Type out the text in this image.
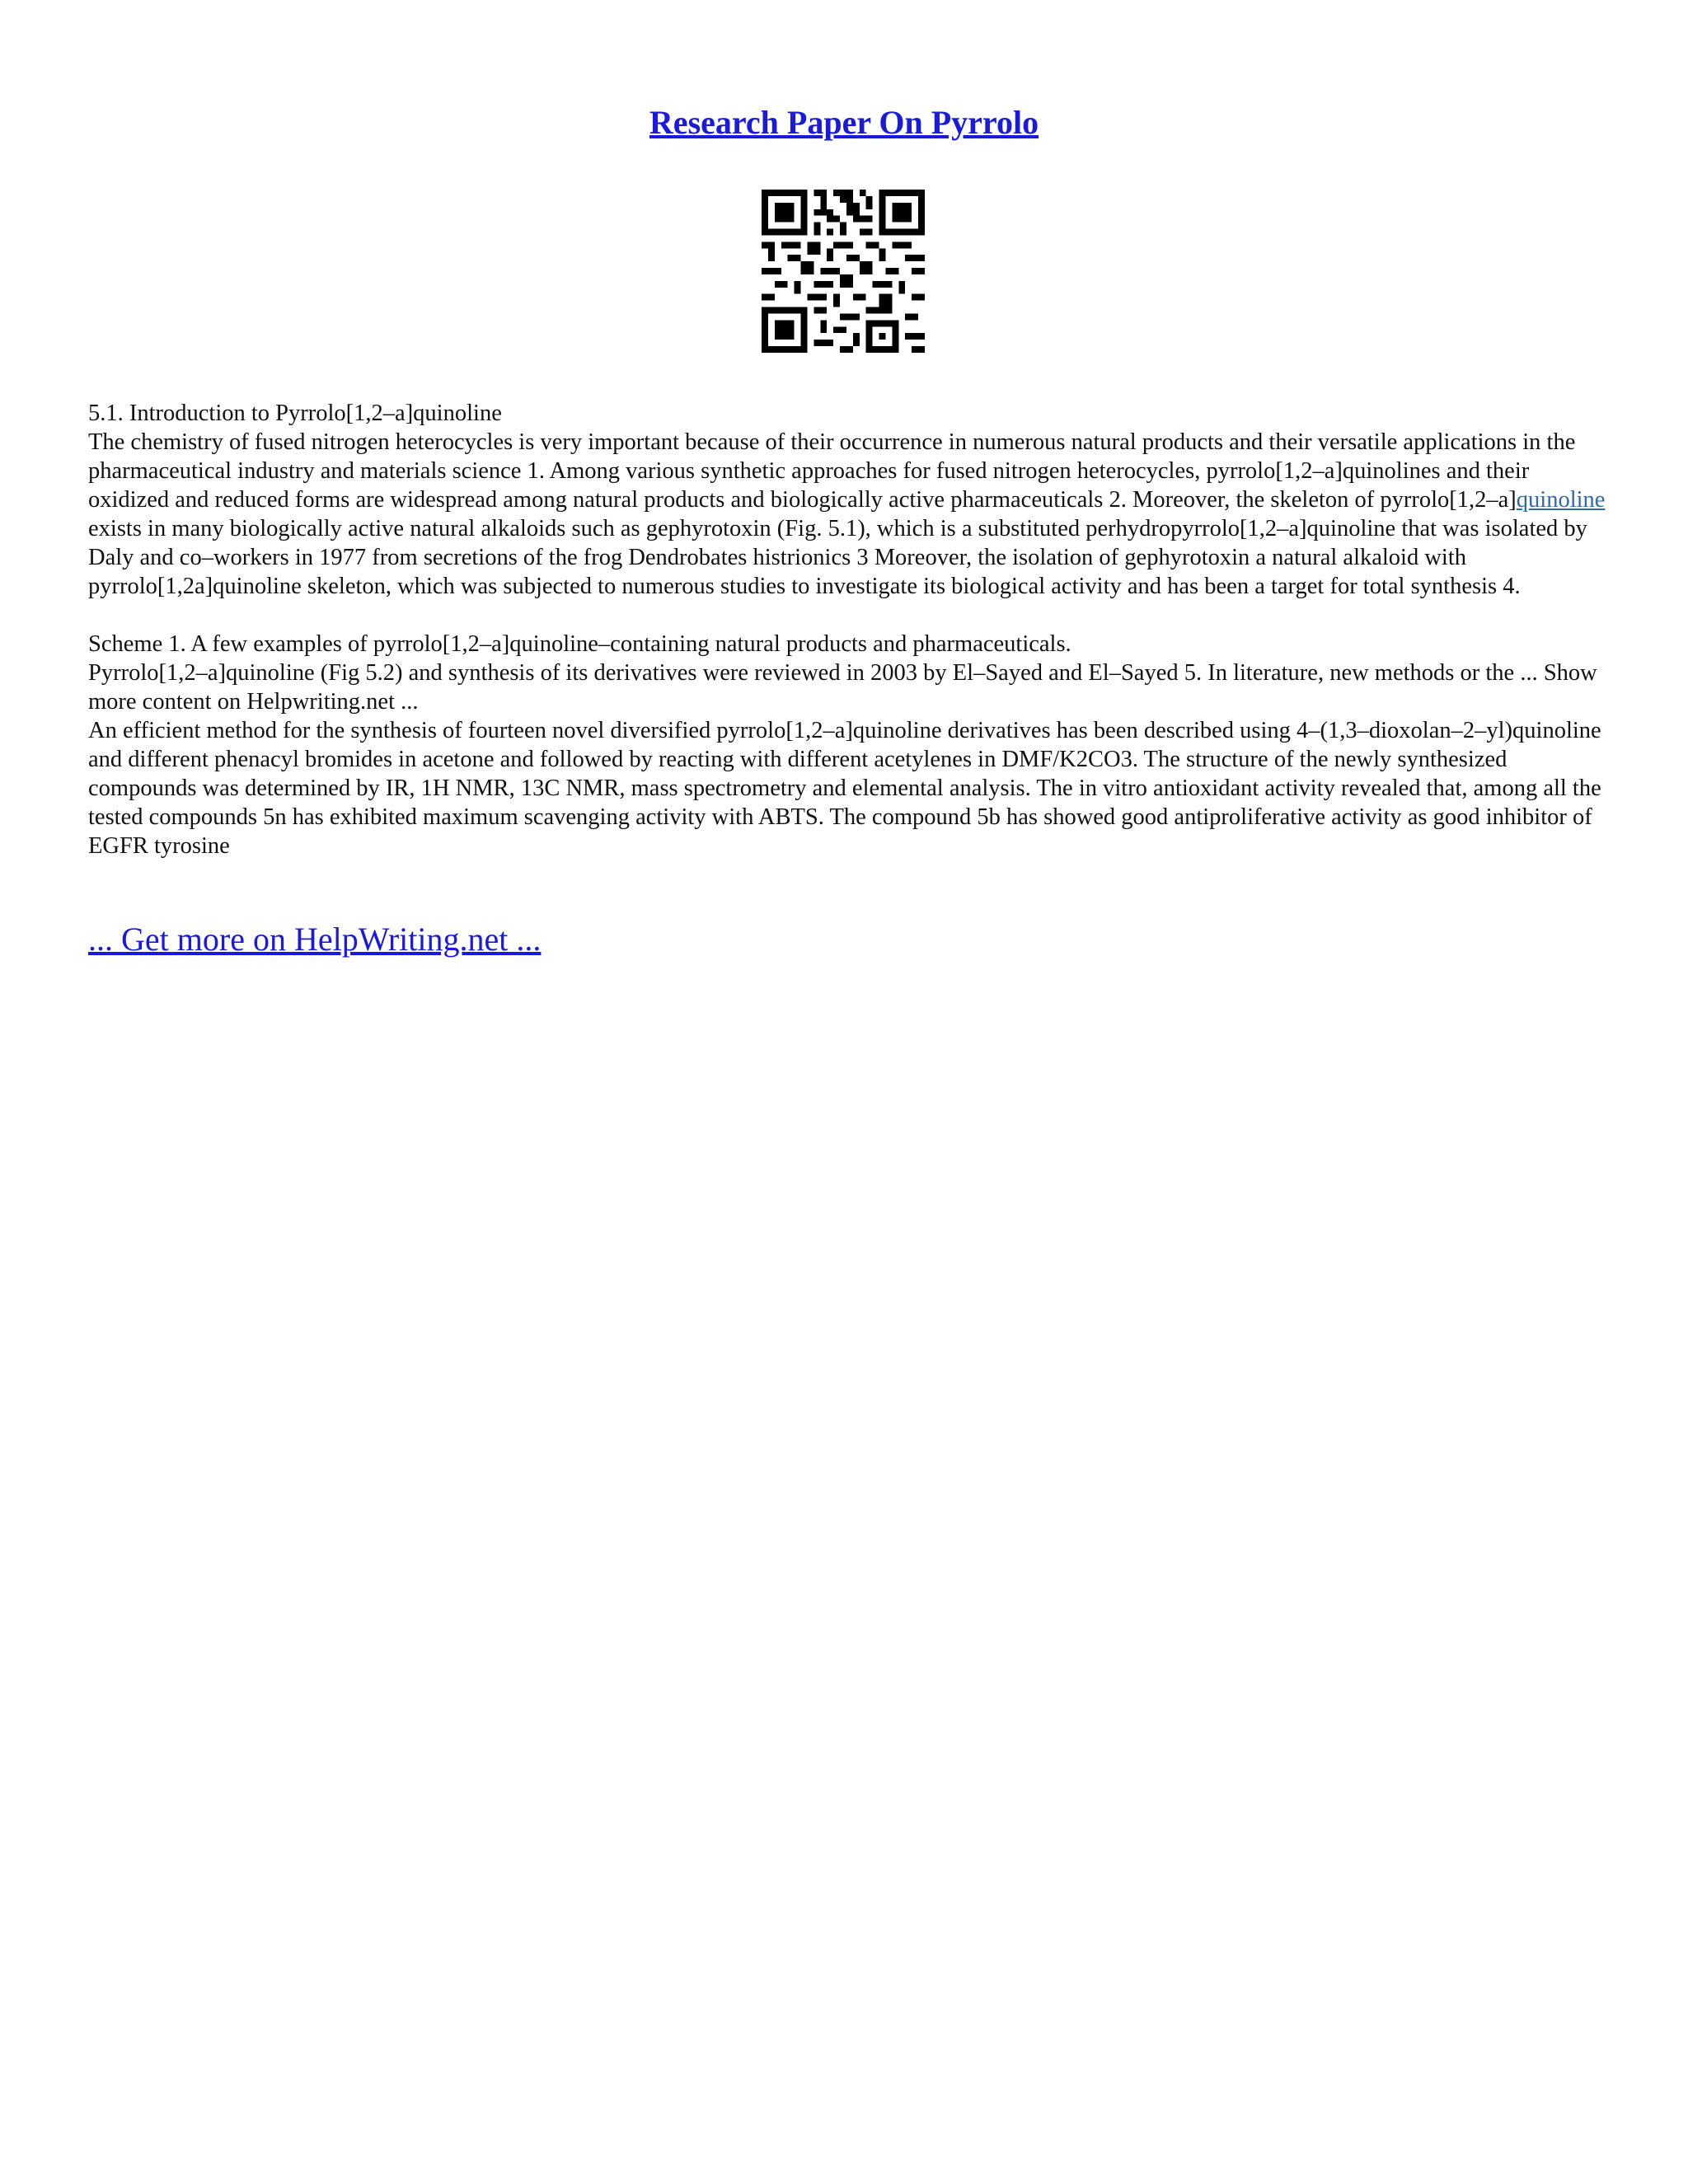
Research Paper On Pyrrolo

5.1. Introduction to Pyrrolo[1,2–a]quinoline

The chemistry of fused nitrogen heterocycles is very important because of their occurrence in numerous natural products and their versatile applications in the pharmaceutical industry and materials science 1. Among various synthetic approaches for fused nitrogen heterocycles, pyrrolo[1,2–a]quinolines and their oxidized and reduced forms are widespread among natural products and biologically active pharmaceuticals 2. Moreover, the skeleton of pyrrolo[1,2–a]quinoline exists in many biologically active natural alkaloids such as gephyrotoxin (Fig. 5.1), which is a substituted perhydropyrrolo[1,2–a]quinoline that was isolated by Daly and co–workers in 1977 from secretions of the frog Dendrobates histrionics 3 Moreover, the isolation of gephyrotoxin a natural alkaloid with pyrrolo[1,2a]quinoline skeleton, which was subjected to numerous studies to investigate its biological activity and has been a target for total synthesis 4.

Scheme 1. A few examples of pyrrolo[1,2–a]quinoline–containing natural products and pharmaceuticals.

Pyrrolo[1,2–a]quinoline (Fig 5.2) and synthesis of its derivatives were reviewed in 2003 by El–Sayed and El–Sayed 5. In literature, new methods or the ... Show more content on Helpwriting.net ...

An efficient method for the synthesis of fourteen novel diversified pyrrolo[1,2–a]quinoline derivatives has been described using 4–(1,3–dioxolan–2–yl)quinoline and different phenacyl bromides in acetone and followed by reacting with different acetylenes in DMF/K2CO3. The structure of the newly synthesized compounds was determined by IR, 1H NMR, 13C NMR, mass spectrometry and elemental analysis. The in vitro antioxidant activity revealed that, among all the tested compounds 5n has exhibited maximum scavenging activity with ABTS. The compound 5b has showed good antiproliferative activity as good inhibitor of EGFR tyrosine

... Get more on HelpWriting.net ...
